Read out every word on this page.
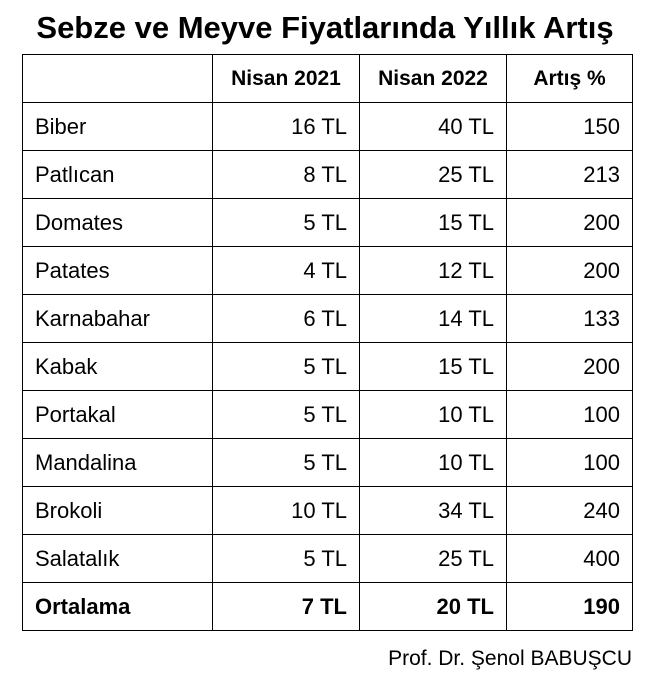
Sebze ve Meyve Fiyatlarında Yıllık Artış
	Nisan 2021	Nisan 2022	Artış %
Biber	16 TL	40 TL	150
Patlıcan	8 TL	25 TL	213
Domates	5 TL	15 TL	200
Patates	4 TL	12 TL	200
Karnabahar	6 TL	14 TL	133
Kabak	5 TL	15 TL	200
Portakal	5 TL	10 TL	100
Mandalina	5 TL	10 TL	100
Brokoli	10 TL	34 TL	240
Salatalık	5 TL	25 TL	400
Ortalama	7 TL	20 TL	190
Prof. Dr. Şenol BABUŞCU
